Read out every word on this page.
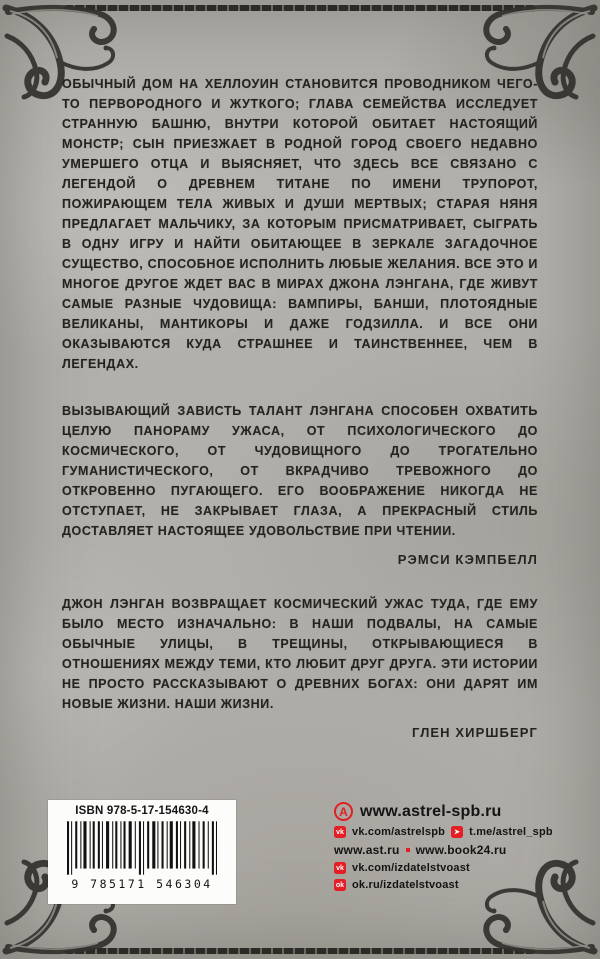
ОБЫЧНЫЙ ДОМ НА ХЕЛЛОУИН СТАНОВИТСЯ ПРОВОДНИКОМ ЧЕГО-ТО ПЕРВОРОДНОГО И ЖУТКОГО; ГЛАВА СЕМЕЙСТВА ИССЛЕДУЕТ СТРАННУЮ БАШНЮ, ВНУТРИ КОТОРОЙ ОБИТАЕТ НАСТОЯЩИЙ МОНСТР; СЫН ПРИЕЗЖАЕТ В РОДНОЙ ГОРОД СВОЕГО НЕДАВНО УМЕРШЕГО ОТЦА И ВЫЯСНЯЕТ, ЧТО ЗДЕСЬ ВСЕ СВЯЗАНО С ЛЕГЕНДОЙ О ДРЕВНЕМ ТИТАНЕ ПО ИМЕНИ ТРУПОРОТ, ПОЖИРАЮЩЕМ ТЕЛА ЖИВЫХ И ДУШИ МЕРТВЫХ; СТАРАЯ НЯНЯ ПРЕДЛАГАЕТ МАЛЬЧИКУ, ЗА КОТОРЫМ ПРИСМАТРИВАЕТ, СЫГРАТЬ В ОДНУ ИГРУ И НАЙТИ ОБИТАЮЩЕЕ В ЗЕРКАЛЕ ЗАГАДОЧНОЕ СУЩЕСТВО, СПОСОБНОЕ ИСПОЛНИТЬ ЛЮБЫЕ ЖЕЛАНИЯ. ВСЕ ЭТО И МНОГОЕ ДРУГОЕ ЖДЕТ ВАС В МИРАХ ДЖОНА ЛЭНГАНА, ГДЕ ЖИВУТ САМЫЕ РАЗНЫЕ ЧУДОВИЩА: ВАМПИРЫ, БАНШИ, ПЛОТОЯДНЫЕ ВЕЛИКАНЫ, МАНТИКОРЫ И ДАЖЕ ГОДЗИЛЛА. И ВСЕ ОНИ ОКАЗЫВАЮТСЯ КУДА СТРАШНЕЕ И ТАИНСТВЕННЕЕ, ЧЕМ В ЛЕГЕНДАХ.

ВЫЗЫВАЮЩИЙ ЗАВИСТЬ ТАЛАНТ ЛЭНГАНА СПОСОБЕН ОХВАТИТЬ ЦЕЛУЮ ПАНОРАМУ УЖАСА, ОТ ПСИХОЛОГИЧЕСКОГО ДО КОСМИЧЕСКОГО, ОТ ЧУДОВИЩНОГО ДО ТРОГАТЕЛЬНО ГУМАНИСТИЧЕСКОГО, ОТ ВКРАДЧИВО ТРЕВОЖНОГО ДО ОТКРОВЕННО ПУГАЮЩЕГО. ЕГО ВООБРАЖЕНИЕ НИКОГДА НЕ ОТСТУПАЕТ, НЕ ЗАКРЫВАЕТ ГЛАЗА, А ПРЕКРАСНЫЙ СТИЛЬ ДОСТАВЛЯЕТ НАСТОЯЩЕЕ УДОВОЛЬСТВИЕ ПРИ ЧТЕНИИ.

РЭМСИ КЭМПБЕЛЛ

ДЖОН ЛЭНГАН ВОЗВРАЩАЕТ КОСМИЧЕСКИЙ УЖАС ТУДА, ГДЕ ЕМУ БЫЛО МЕСТО ИЗНАЧАЛЬНО: В НАШИ ПОДВАЛЫ, НА САМЫЕ ОБЫЧНЫЕ УЛИЦЫ, В ТРЕЩИНЫ, ОТКРЫВАЮЩИЕСЯ В ОТНОШЕНИЯХ МЕЖДУ ТЕМИ, КТО ЛЮБИТ ДРУГ ДРУГА. ЭТИ ИСТОРИИ НЕ ПРОСТО РАССКАЗЫВАЮТ О ДРЕВНИХ БОГАХ: ОНИ ДАРЯТ ИМ НОВЫЕ ЖИЗНИ. НАШИ ЖИЗНИ.

ГЛЕН ХИРШБЕРГ

ISBN 978-5-17-154630-4
9 785171 546304
А www.astrel-spb.ru
vk vk.com/astrelspb	➤ t.me/astrel_spb
www.ast.ru www.book24.ru
vk vk.com/izdatelstvoast
ok ok.ru/izdatelstvoast
